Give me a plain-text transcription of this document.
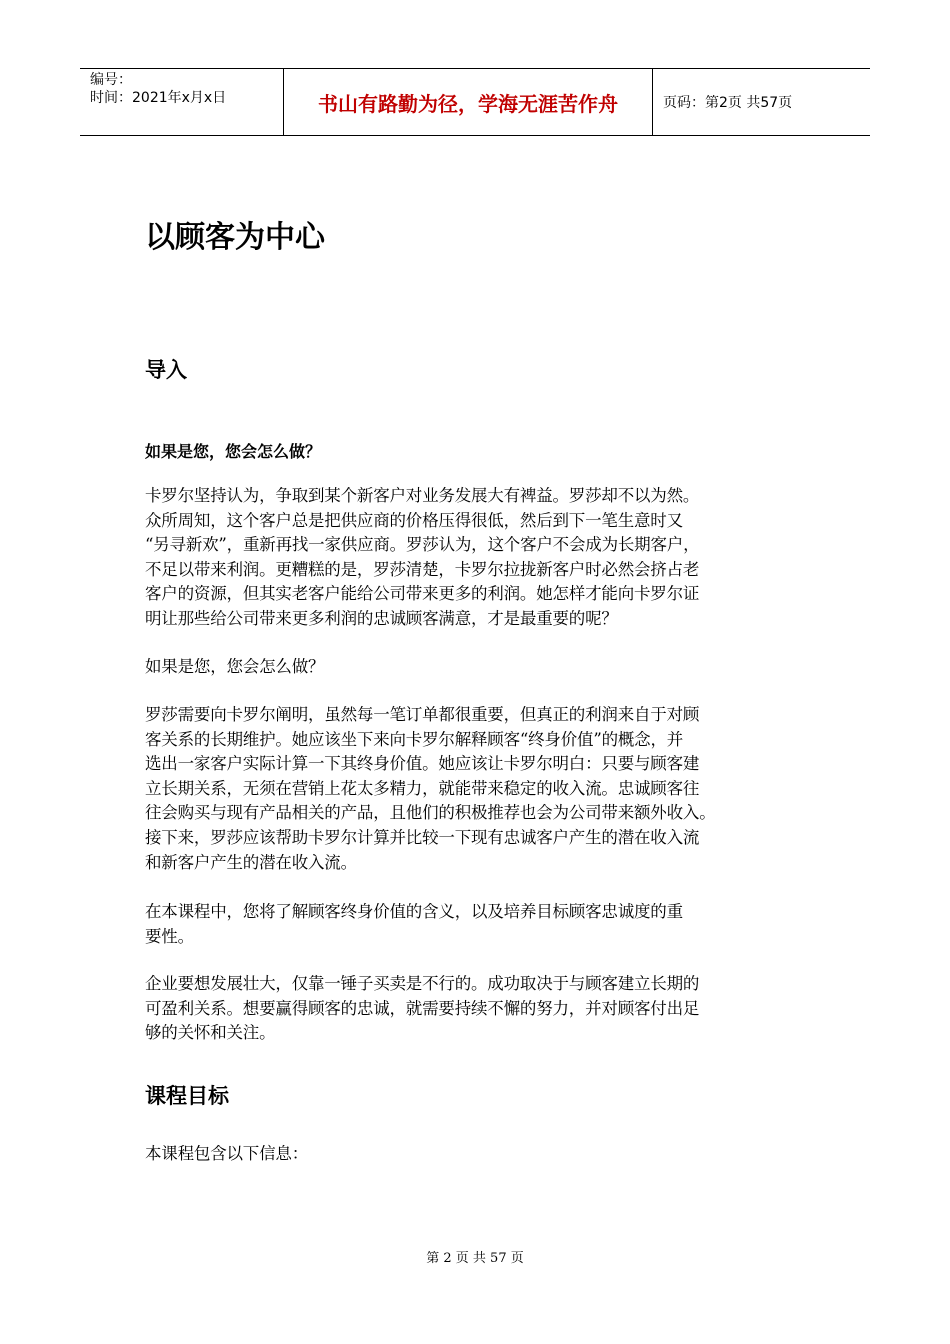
编号：
时间：2021年x月x日	书山有路勤为径，学海无涯苦作舟	页码：第2页 共57页
以顾客为中心
导入
如果是您，您会怎么做？
卡罗尔坚持认为，争取到某个新客户对业务发展大有裨益。罗莎却不以为然。
众所周知，这个客户总是把供应商的价格压得很低，然后到下一笔生意时又
“另寻新欢”，重新再找一家供应商。罗莎认为，这个客户不会成为长期客户，
不足以带来利润。更糟糕的是，罗莎清楚，卡罗尔拉拢新客户时必然会挤占老
客户的资源，但其实老客户能给公司带来更多的利润。她怎样才能向卡罗尔证
明让那些给公司带来更多利润的忠诚顾客满意，才是最重要的呢？
如果是您，您会怎么做？
罗莎需要向卡罗尔阐明，虽然每一笔订单都很重要，但真正的利润来自于对顾
客关系的长期维护。她应该坐下来向卡罗尔解释顾客“终身价值”的概念，并
选出一家客户实际计算一下其终身价值。她应该让卡罗尔明白：只要与顾客建
立长期关系，无须在营销上花太多精力，就能带来稳定的收入流。忠诚顾客往
往会购买与现有产品相关的产品，且他们的积极推荐也会为公司带来额外收入。
接下来，罗莎应该帮助卡罗尔计算并比较一下现有忠诚客户产生的潜在收入流
和新客户产生的潜在收入流。
在本课程中，您将了解顾客终身价值的含义，以及培养目标顾客忠诚度的重
要性。
企业要想发展壮大，仅靠一锤子买卖是不行的。成功取决于与顾客建立长期的
可盈利关系。想要赢得顾客的忠诚，就需要持续不懈的努力，并对顾客付出足
够的关怀和关注。
课程目标
本课程包含以下信息：
第 2 页 共 57 页
